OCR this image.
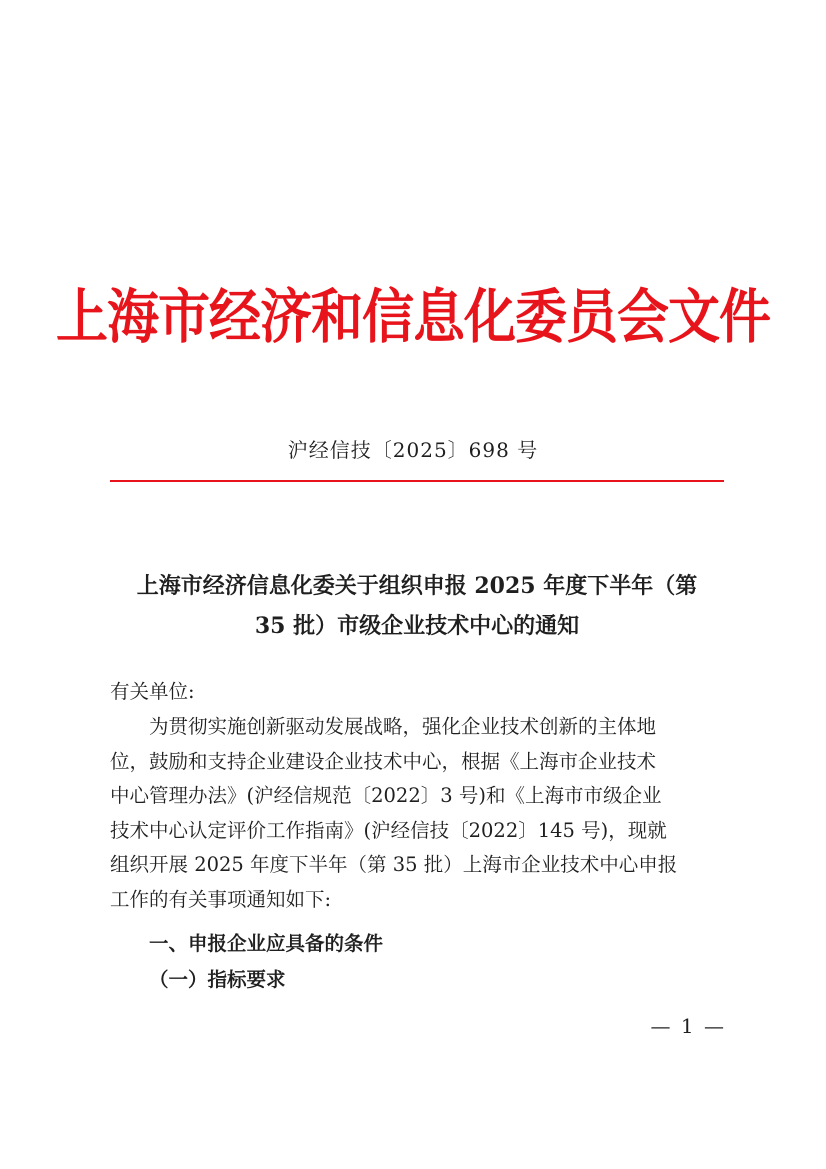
上海市经济和信息化委员会文件
沪经信技〔2025〕698 号
上海市经济信息化委关于组织申报 2025 年度下半年（第
35 批）市级企业技术中心的通知
有关单位:
为贯彻实施创新驱动发展战略，强化企业技术创新的主体地
位，鼓励和支持企业建设企业技术中心，根据《上海市企业技术
中心管理办法》(沪经信规范〔2022〕3 号)和《上海市市级企业
技术中心认定评价工作指南》(沪经信技〔2022〕145 号)，现就
组织开展 2025 年度下半年（第 35 批）上海市企业技术中心申报
工作的有关事项通知如下:
一、申报企业应具备的条件
（一）指标要求
— 1 —
